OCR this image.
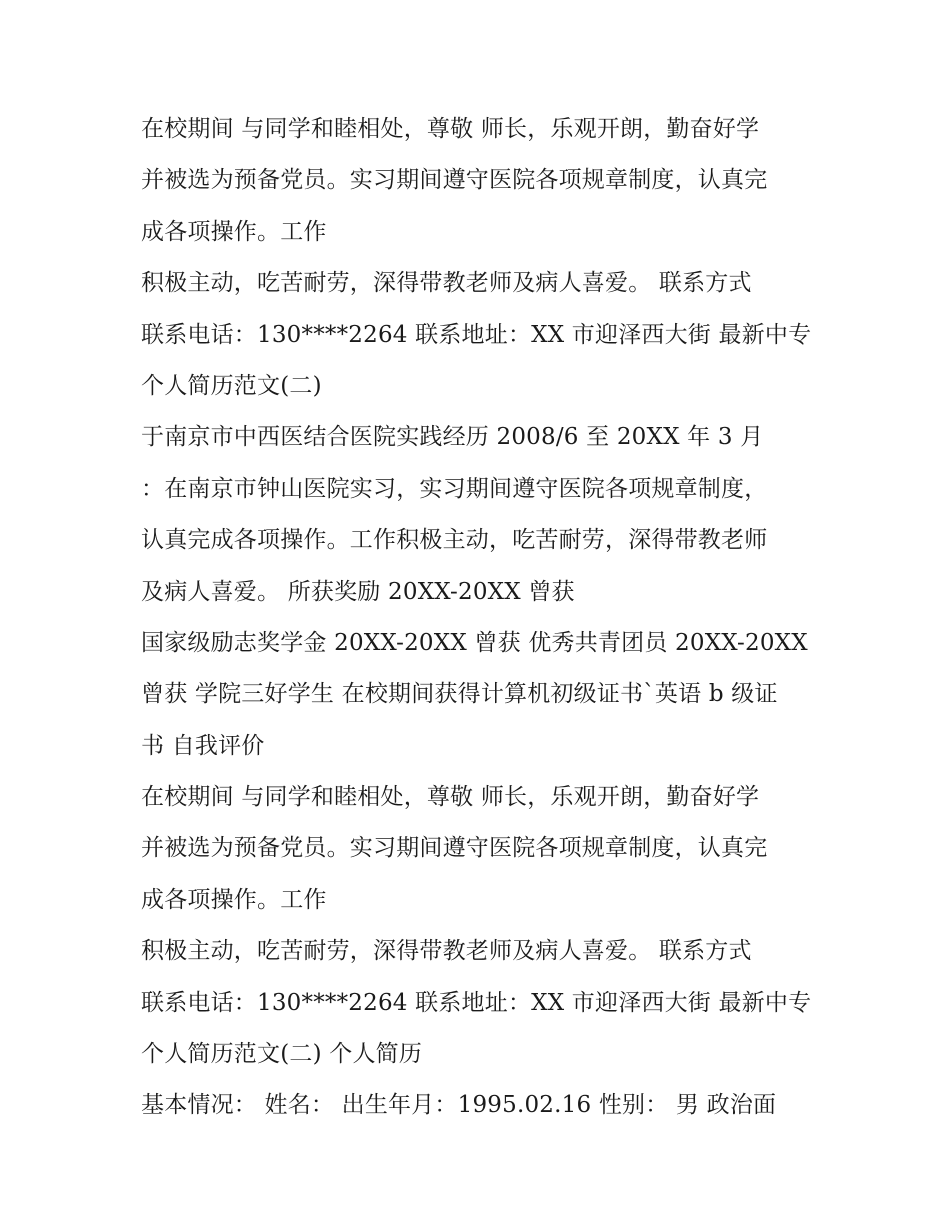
在校期间 与同学和睦相处，尊敬 师长，乐观开朗，勤奋好学
并被选为预备党员。实习期间遵守医院各项规章制度，认真完
成各项操作。工作
积极主动，吃苦耐劳，深得带教老师及病人喜爱。 联系方式
联系电话：130****2264 联系地址：XX 市迎泽西大街 最新中专
个人简历范文(二)
于南京市中西医结合医院实践经历 2008/6 至 20XX 年 3 月
：在南京市钟山医院实习，实习期间遵守医院各项规章制度，
认真完成各项操作。工作积极主动，吃苦耐劳，深得带教老师
及病人喜爱。 所获奖励 20XX-20XX 曾获
国家级励志奖学金 20XX-20XX 曾获 优秀共青团员 20XX-20XX
曾获 学院三好学生 在校期间获得计算机初级证书`英语 b 级证
书 自我评价
在校期间 与同学和睦相处，尊敬 师长，乐观开朗，勤奋好学
并被选为预备党员。实习期间遵守医院各项规章制度，认真完
成各项操作。工作
积极主动，吃苦耐劳，深得带教老师及病人喜爱。 联系方式
联系电话：130****2264 联系地址：XX 市迎泽西大街 最新中专
个人简历范文(二) 个人简历
基本情况： 姓名： 出生年月：1995.02.16 性别： 男 政治面
